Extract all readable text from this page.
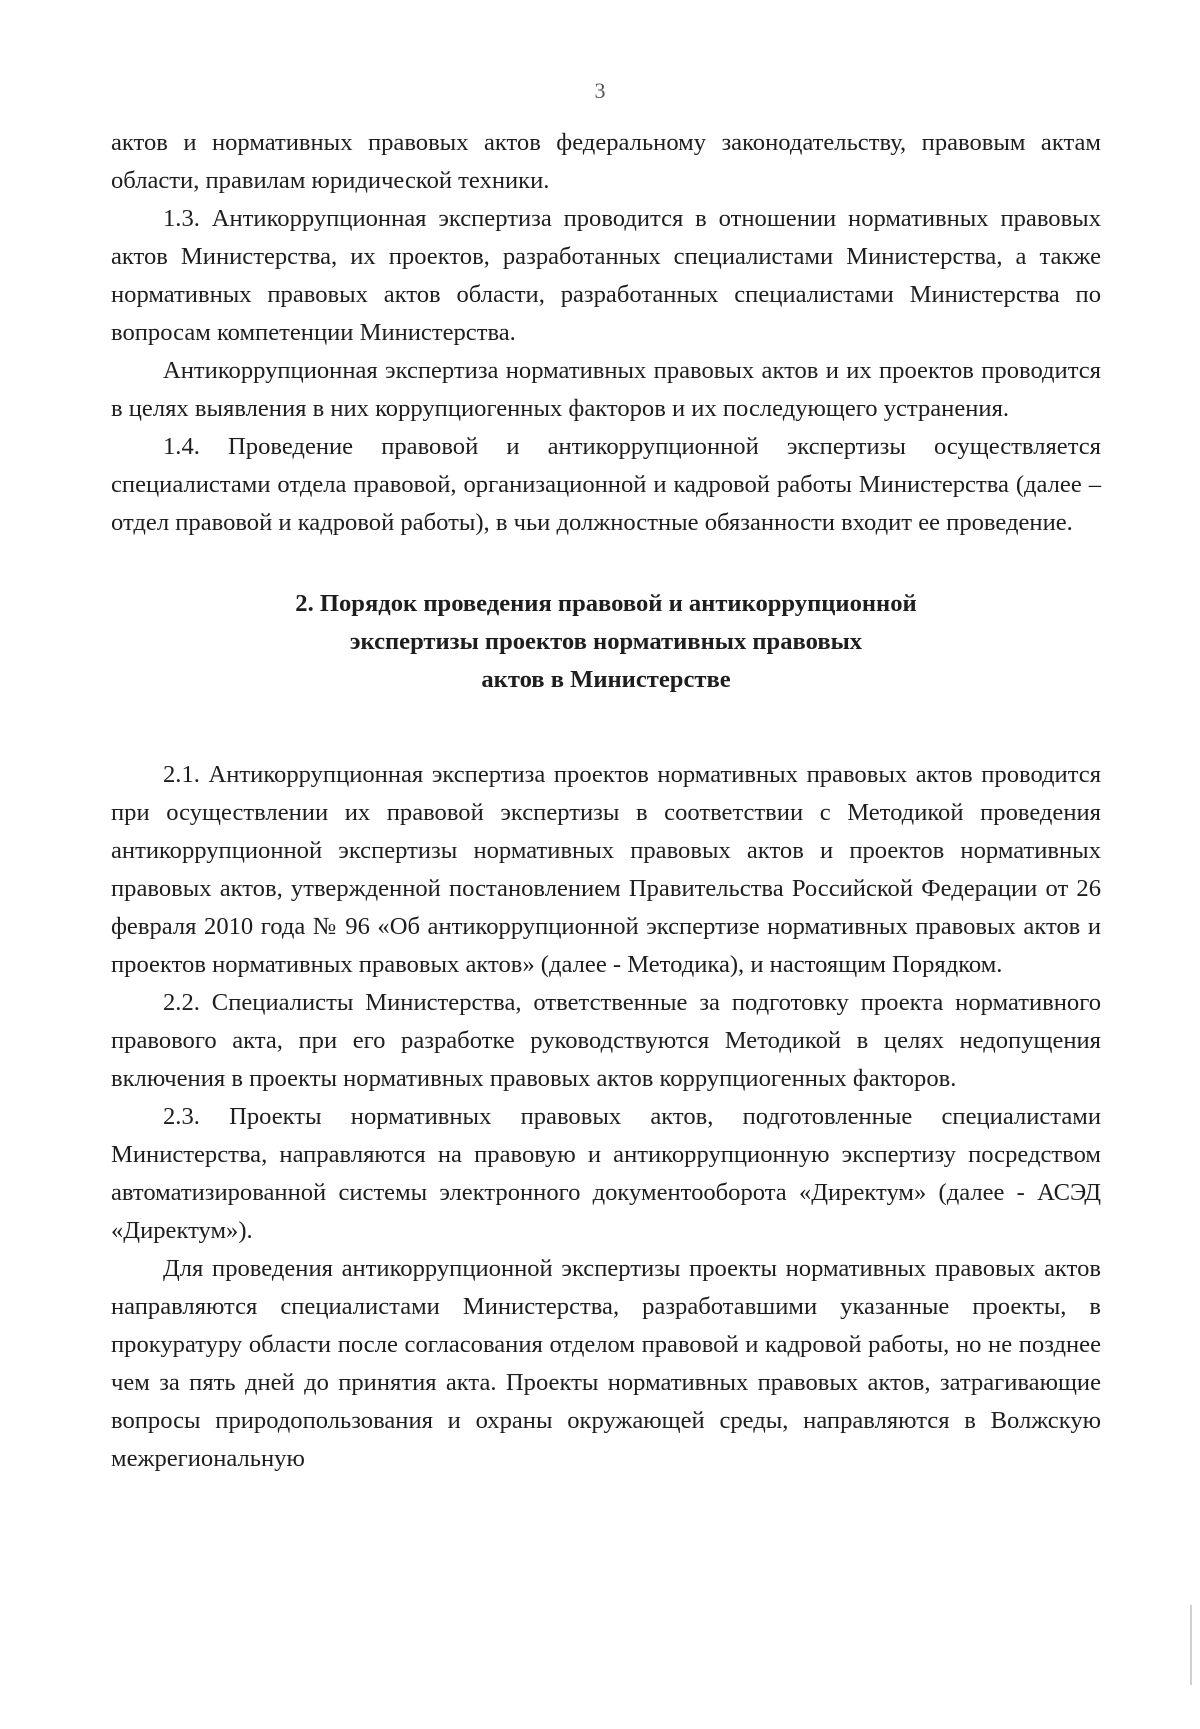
3

актов и нормативных правовых актов федеральному законодательству, правовым актам области, правилам юридической техники.

1.3. Антикоррупционная экспертиза проводится в отношении нормативных правовых актов Министерства, их проектов, разработанных специалистами Министерства, а также нормативных правовых актов области, разработанных специалистами Министерства по вопросам компетенции Министерства.

Антикоррупционная экспертиза нормативных правовых актов и их проектов проводится в целях выявления в них коррупциогенных факторов и их последующего устранения.

1.4. Проведение правовой и антикоррупционной экспертизы осуществляется специалистами отдела правовой, организационной и кадровой работы Министерства (далее – отдел правовой и кадровой работы), в чьи должностные обязанности входит ее проведение.

2. Порядок проведения правовой и антикоррупционной
экспертизы проектов нормативных правовых
актов в Министерстве

2.1. Антикоррупционная экспертиза проектов нормативных правовых актов проводится при осуществлении их правовой экспертизы в соответствии с Методикой проведения антикоррупционной экспертизы нормативных правовых актов и проектов нормативных правовых актов, утвержденной постановлением Правительства Российской Федерации от 26 февраля 2010 года № 96 «Об антикоррупционной экспертизе нормативных правовых актов и проектов нормативных правовых актов» (далее - Методика), и настоящим Порядком.

2.2. Специалисты Министерства, ответственные за подготовку проекта нормативного правового акта, при его разработке руководствуются Методикой в целях недопущения включения в проекты нормативных правовых актов коррупциогенных факторов.

2.3. Проекты нормативных правовых актов, подготовленные специалистами Министерства, направляются на правовую и антикоррупционную экспертизу посредством автоматизированной системы электронного документооборота «Директум» (далее - АСЭД «Директум»).

Для проведения антикоррупционной экспертизы проекты нормативных правовых актов направляются специалистами Министерства, разработавшими указанные проекты, в прокуратуру области после согласования отделом правовой и кадровой работы, но не позднее чем за пять дней до принятия акта. Проекты нормативных правовых актов, затрагивающие вопросы природопользования и охраны окружающей среды, направляются в Волжскую межрегиональную
